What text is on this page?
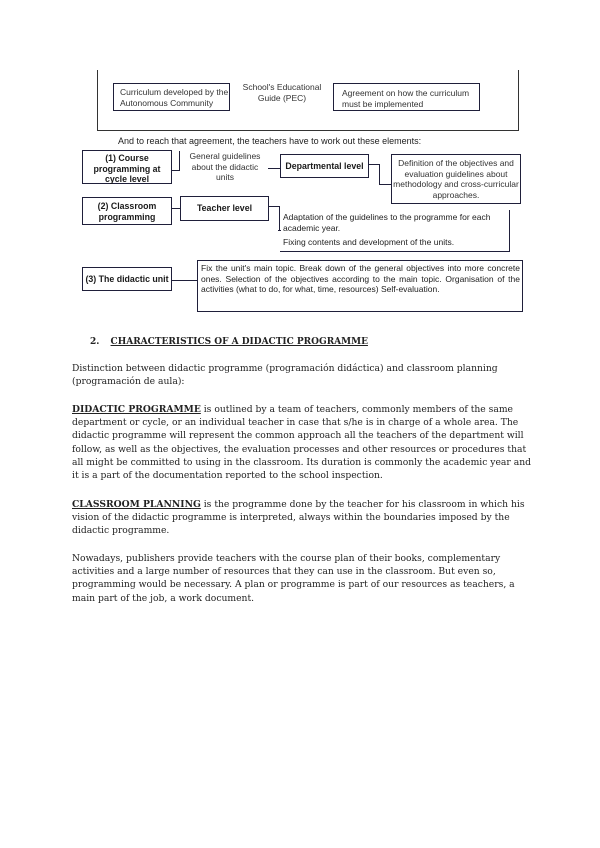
Curriculum developed by the Autonomous Community
School's Educational Guide (PEC)	Agreement on how the curriculum must be implemented
And to reach that agreement, the teachers have to work out these elements:
(1) Course programming at cycle level
General guidelines about the didactic units
Departmental level	Definition of the objectives and evaluation guidelines about methodology and cross-curricular approaches.
(2) Classroom programming
Teacher level

Adaptation of the guidelines to the programme for each academic year.

Fixing contents and development of the units.

(3) The didactic unit
Fix the unit's main topic. Break down of the general objectives into more concrete ones. Selection of the objectives according to the main topic. Organisation of the activities (what to do, for what, time, resources) Self-evaluation.
2. CHARACTERISTICS OF A DIDACTIC PROGRAMME

Distinction between didactic programme (programación didáctica) and classroom planning (programación de aula):

DIDACTIC PROGRAMME is outlined by a team of teachers, commonly members of the same department or cycle, or an individual teacher in case that s/he is in charge of a whole area. The didactic programme will represent the common approach all the teachers of the department will follow, as well as the objectives, the evaluation processes and other resources or procedures that all might be committed to using in the classroom. Its duration is commonly the academic year and it is a part of the documentation reported to the school inspection.

CLASSROOM PLANNING is the programme done by the teacher for his classroom in which his vision of the didactic programme is interpreted, always within the boundaries imposed by the didactic programme.

Nowadays, publishers provide teachers with the course plan of their books, complementary activities and a large number of resources that they can use in the classroom. But even so, programming would be necessary. A plan or programme is part of our resources as teachers, a main part of the job, a work document.
